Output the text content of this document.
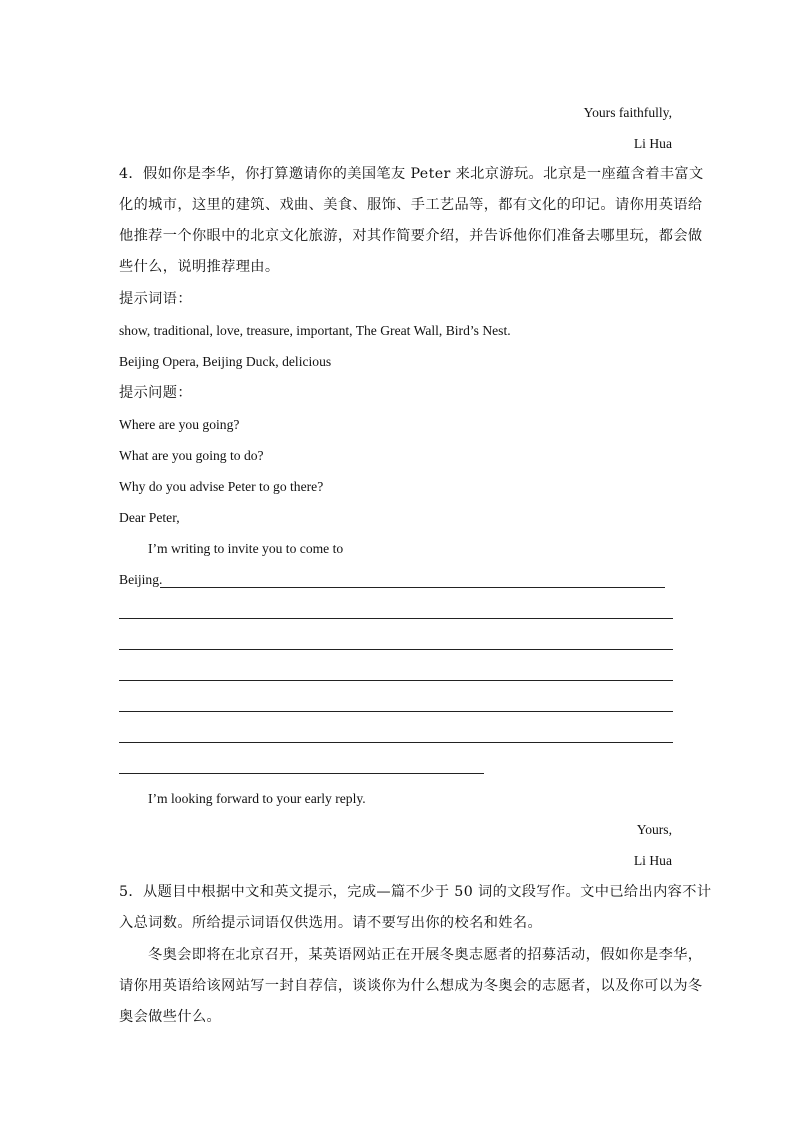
Yours faithfully,
Li Hua
4．假如你是李华，你打算邀请你的美国笔友 Peter 来北京游玩。北京是一座蕴含着丰富文
化的城市，这里的建筑、戏曲、美食、服饰、手工艺品等，都有文化的印记。请你用英语给
他推荐一个你眼中的北京文化旅游，对其作简要介绍，并告诉他你们准备去哪里玩，都会做
些什么，说明推荐理由。
提示词语：
show, traditional, love, treasure, important, The Great Wall, Bird’s Nest.
Beijing Opera, Beijing Duck, delicious
提示问题：
Where are you going?
What are you going to do?
Why do you advise Peter to go there?
Dear Peter,
I’m writing to invite you to come to
Beijing.
I’m looking forward to your early reply.
Yours,
Li Hua
5．从题目中根据中文和英文提示，完成—篇不少于 50 词的文段写作。文中已给出内容不计
入总词数。所给提示词语仅供选用。请不要写出你的校名和姓名。
冬奥会即将在北京召开，某英语网站正在开展冬奥志愿者的招募活动，假如你是李华，
请你用英语给该网站写一封自荐信，谈谈你为什么想成为冬奥会的志愿者，以及你可以为冬
奥会做些什么。
